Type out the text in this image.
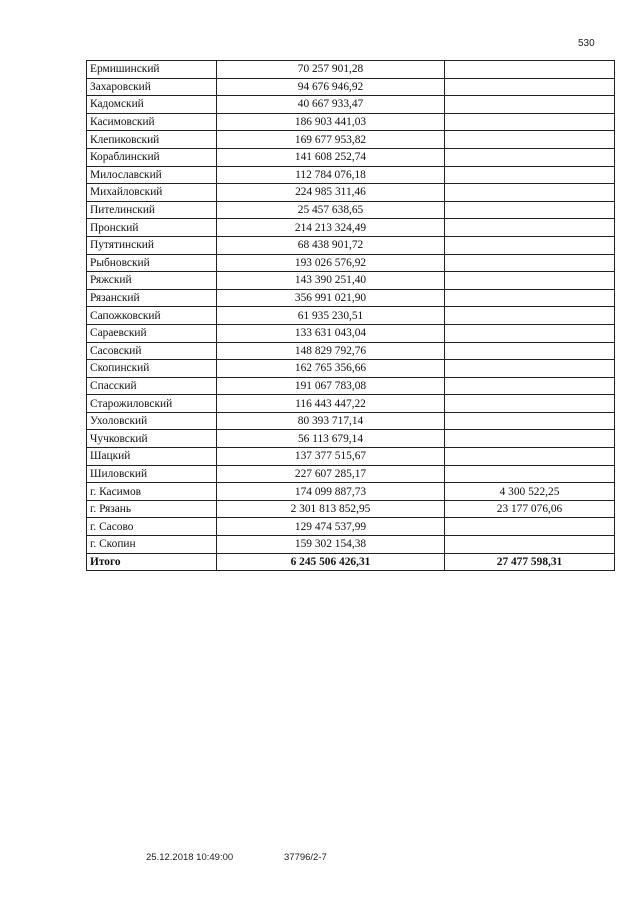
530
Ермишинский	70 257 901,28	
Захаровский	94 676 946,92	
Кадомский	40 667 933,47	
Касимовский	186 903 441,03	
Клепиковский	169 677 953,82	
Кораблинский	141 608 252,74	
Милославский	112 784 076,18	
Михайловский	224 985 311,46	
Пителинский	25 457 638,65	
Пронский	214 213 324,49	
Путятинский	68 438 901,72	
Рыбновский	193 026 576,92	
Ряжский	143 390 251,40	
Рязанский	356 991 021,90	
Сапожковский	61 935 230,51	
Сараевский	133 631 043,04	
Сасовский	148 829 792,76	
Скопинский	162 765 356,66	
Спасский	191 067 783,08	
Старожиловский	116 443 447,22	
Ухоловский	80 393 717,14	
Чучковский	56 113 679,14	
Шацкий	137 377 515,67	
Шиловский	227 607 285,17	
г. Касимов	174 099 887,73	4 300 522,25
г. Рязань	2 301 813 852,95	23 177 076,06
г. Сасово	129 474 537,99	
г. Скопин	159 302 154,38	
Итого	6 245 506 426,31	27 477 598,31
25.12.2018 10:49:00	37796/2-7
